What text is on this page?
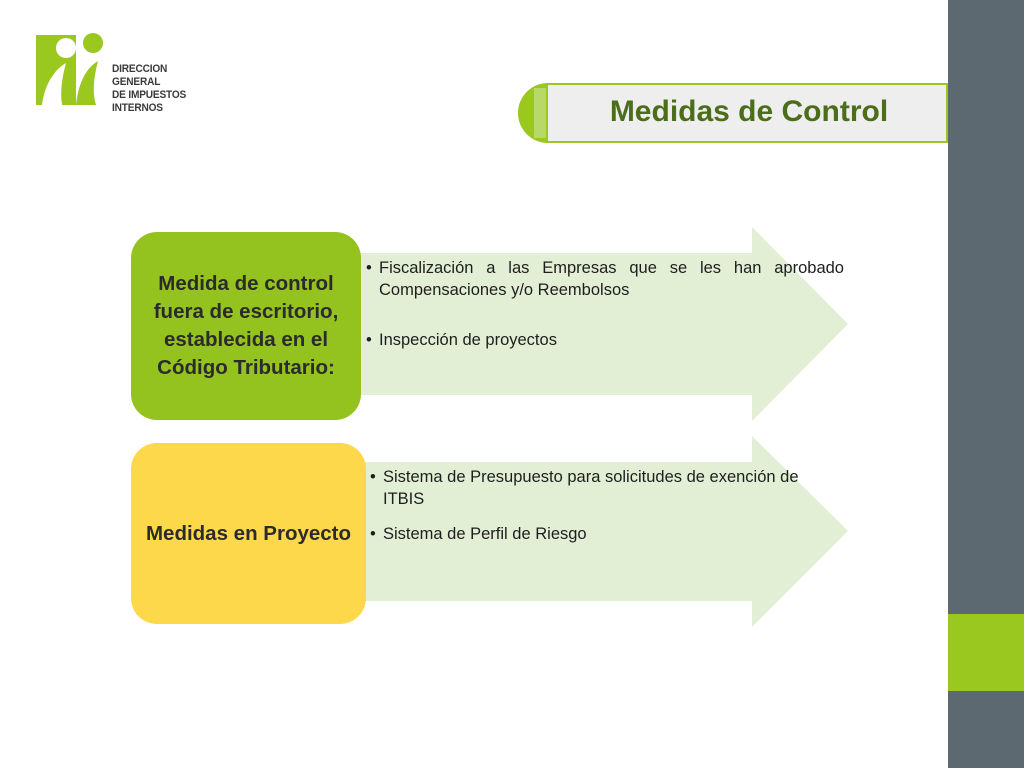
DIRECCION GENERAL
DE IMPUESTOS
INTERNOS	Medidas de Control
Medida de control fuera de escritorio, establecida en el Código Tributario:
Medidas en Proyecto
• Fiscalización a las Empresas que se les han aprobado Compensaciones y/o Reembolsos
• Inspección de proyectos
• Sistema de Presupuesto para solicitudes de exención de ITBIS
• Sistema de Perfil de Riesgo
